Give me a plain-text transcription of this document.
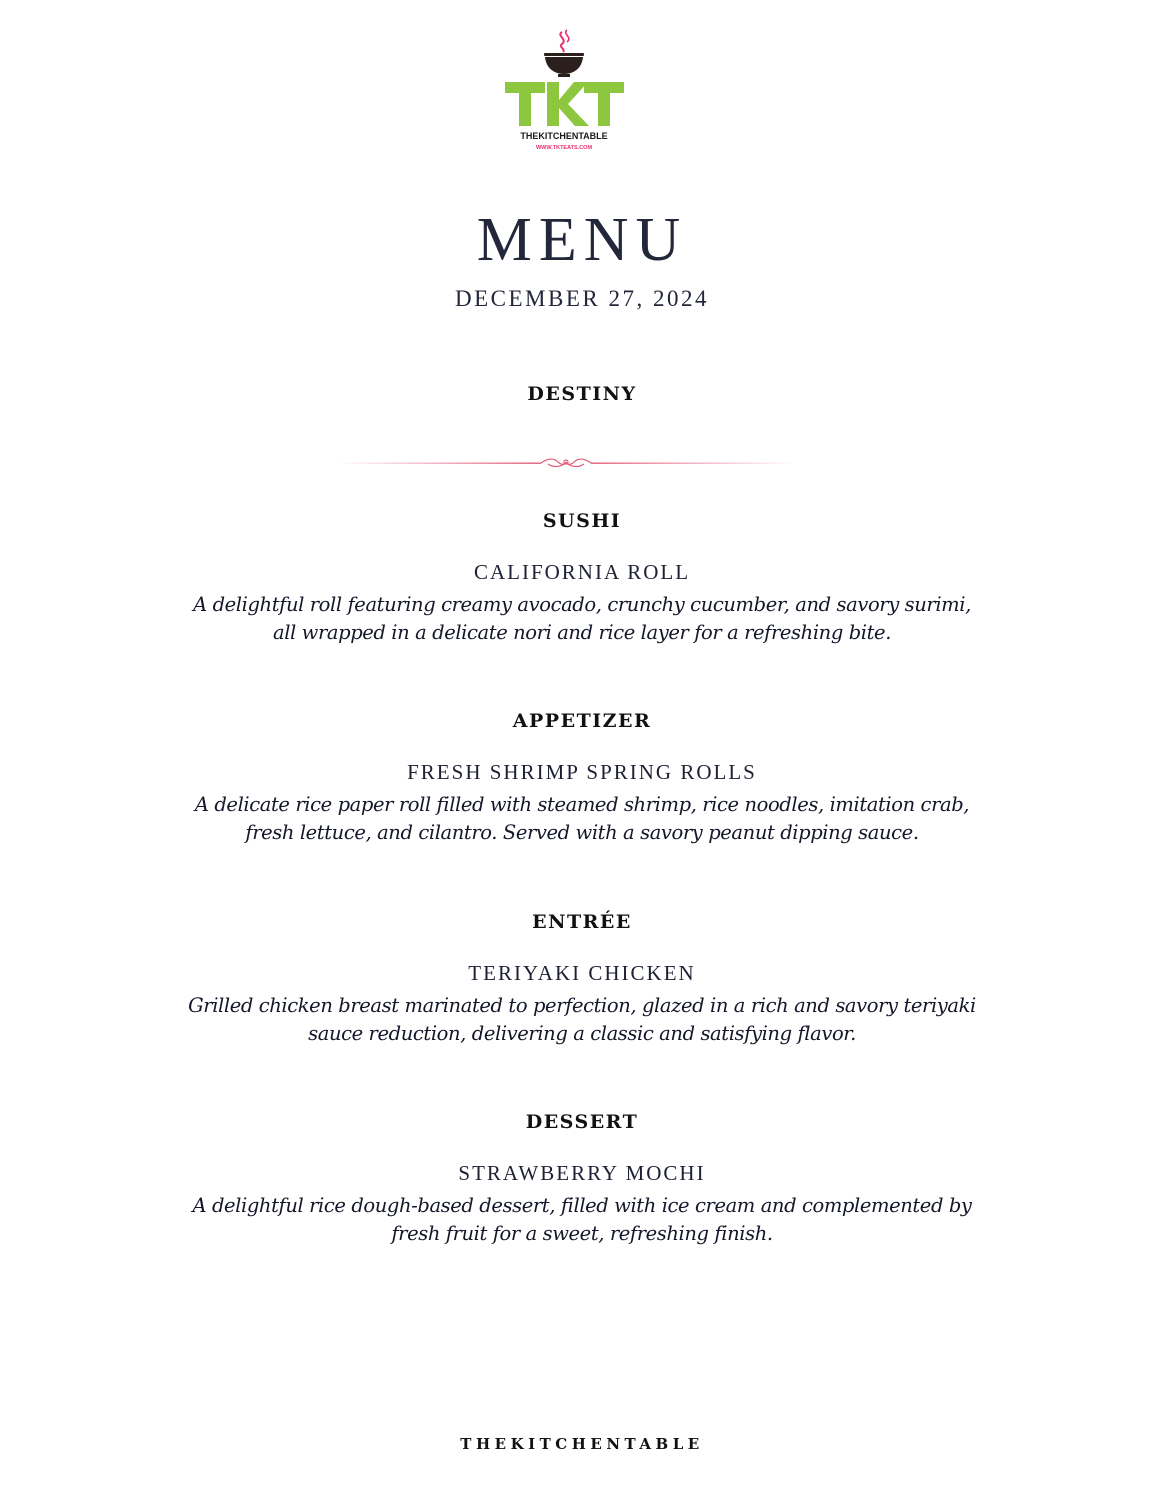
THEKITCHENTABLE
WWW.TKTEATS.COM
MENU
DECEMBER 27, 2024
DESTINY
SUSHI
CALIFORNIA ROLL

A delightful roll featuring creamy avocado, crunchy cucumber, and savory surimi, all wrapped in a delicate nori and rice layer for a refreshing bite.

APPETIZER
FRESH SHRIMP SPRING ROLLS

A delicate rice paper roll filled with steamed shrimp, rice noodles, imitation crab, fresh lettuce, and cilantro. Served with a savory peanut dipping sauce.

ENTRÉE
TERIYAKI CHICKEN

Grilled chicken breast marinated to perfection, glazed in a rich and savory teriyaki sauce reduction, delivering a classic and satisfying flavor.

DESSERT
STRAWBERRY MOCHI

A delightful rice dough-based dessert, filled with ice cream and complemented by fresh fruit for a sweet, refreshing finish.

THEKITCHENTABLE
